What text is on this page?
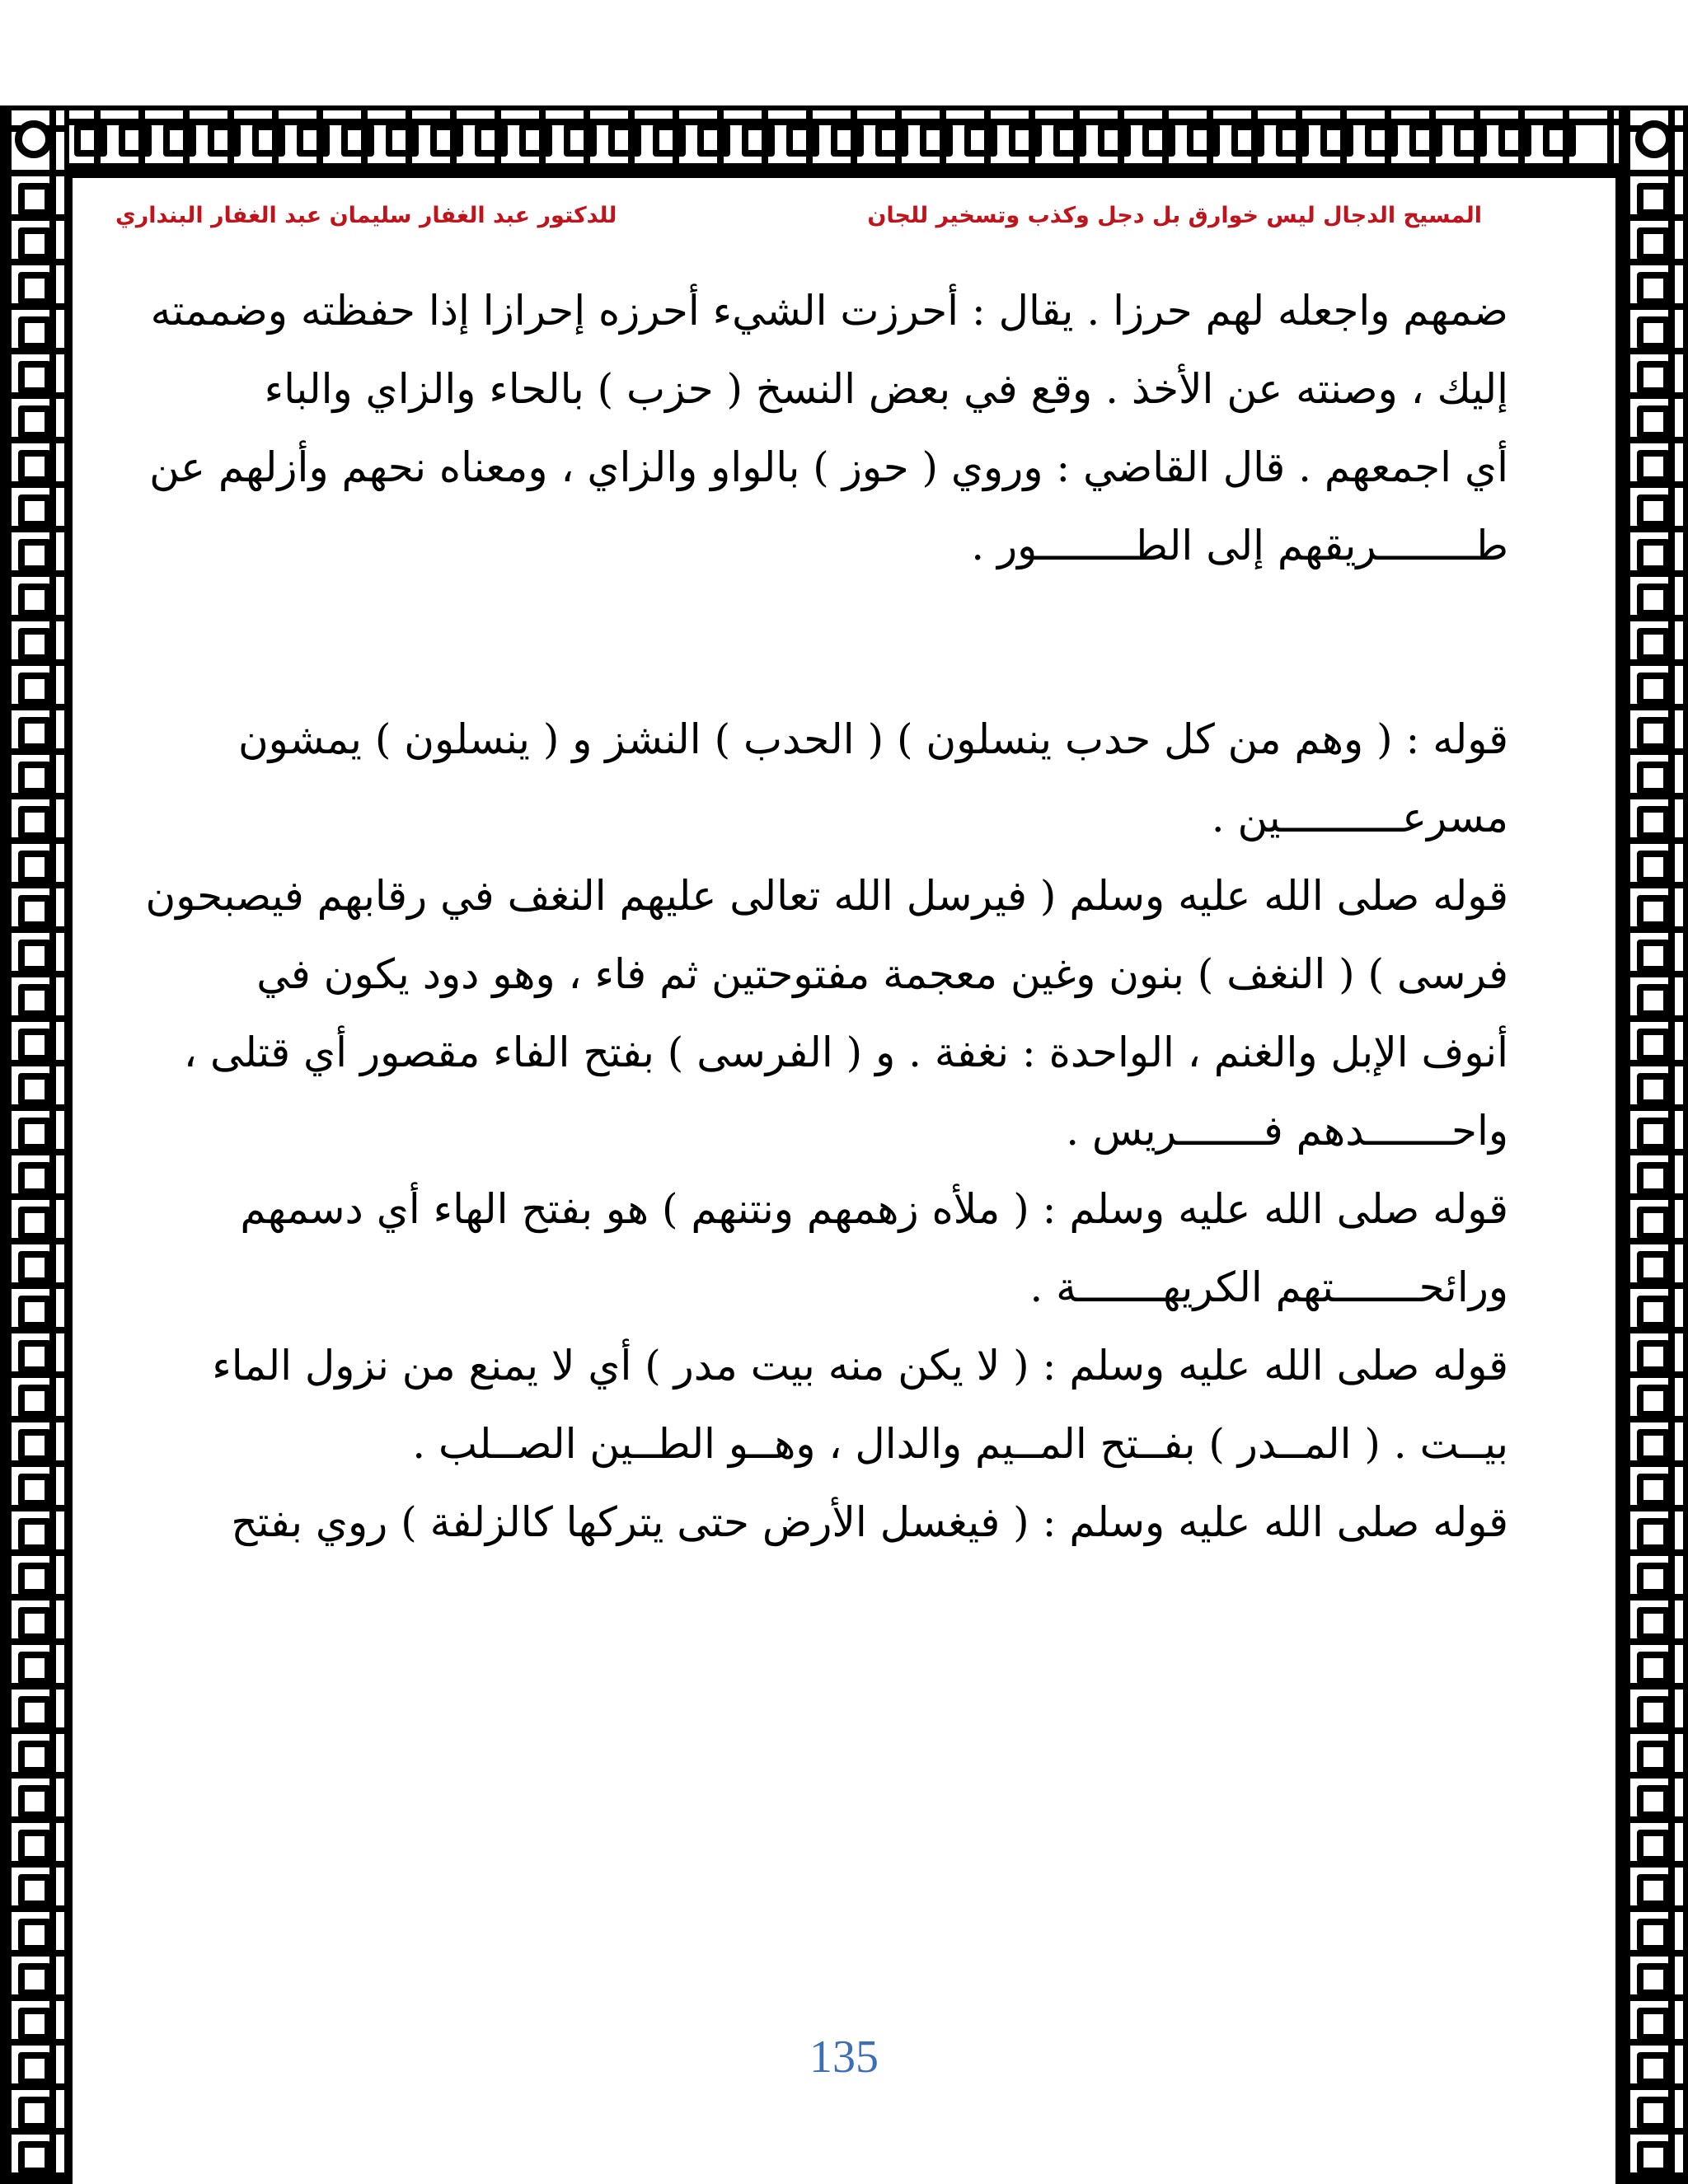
المسيح الدجال ليس خوارق بل دجل وكذب وتسخير للجان
للدكتور عبد الغفار سليمان عبد الغفار البنداري
ضمهم واجعله لهم حرزا . يقال : أحرزت الشيء أحرزه إحرازا إذا حفظته وضممته
إليك ، وصنته عن الأخذ . وقع في بعض النسخ ( حزب ) بالحاء والزاي والباء
أي اجمعهم . قال القاضي : وروي ( حوز ) بالواو والزاي ، ومعناه نحهم وأزلهم عن
طــــــــريقهم إلى الطــــــــور .
قوله : ( وهم من كل حدب ينسلون ) ( الحدب ) النشز و ( ينسلون ) يمشون
مسرعــــــــــين .
قوله صلى الله عليه وسلم ( فيرسل الله تعالى عليهم النغف في رقابهم فيصبحون
فرسى ) ( النغف ) بنون وغين معجمة مفتوحتين ثم فاء ، وهو دود يكون في
أنوف الإبل والغنم ، الواحدة : نغفة . و ( الفرسى ) بفتح الفاء مقصور أي قتلى ،
واحـــــــدهم فـــــــريس .
قوله صلى الله عليه وسلم : ( ملأه زهمهم ونتنهم ) هو بفتح الهاء أي دسمهم
ورائحـــــــتهم الكريهـــــــة .
قوله صلى الله عليه وسلم : ( لا يكن منه بيت مدر ) أي لا يمنع من نزول الماء
بيــت . ( المــدر ) بفــتح المــيم والدال ، وهــو الطــين الصــلب .
قوله صلى الله عليه وسلم : ( فيغسل الأرض حتى يتركها كالزلفة ) روي بفتح
135
